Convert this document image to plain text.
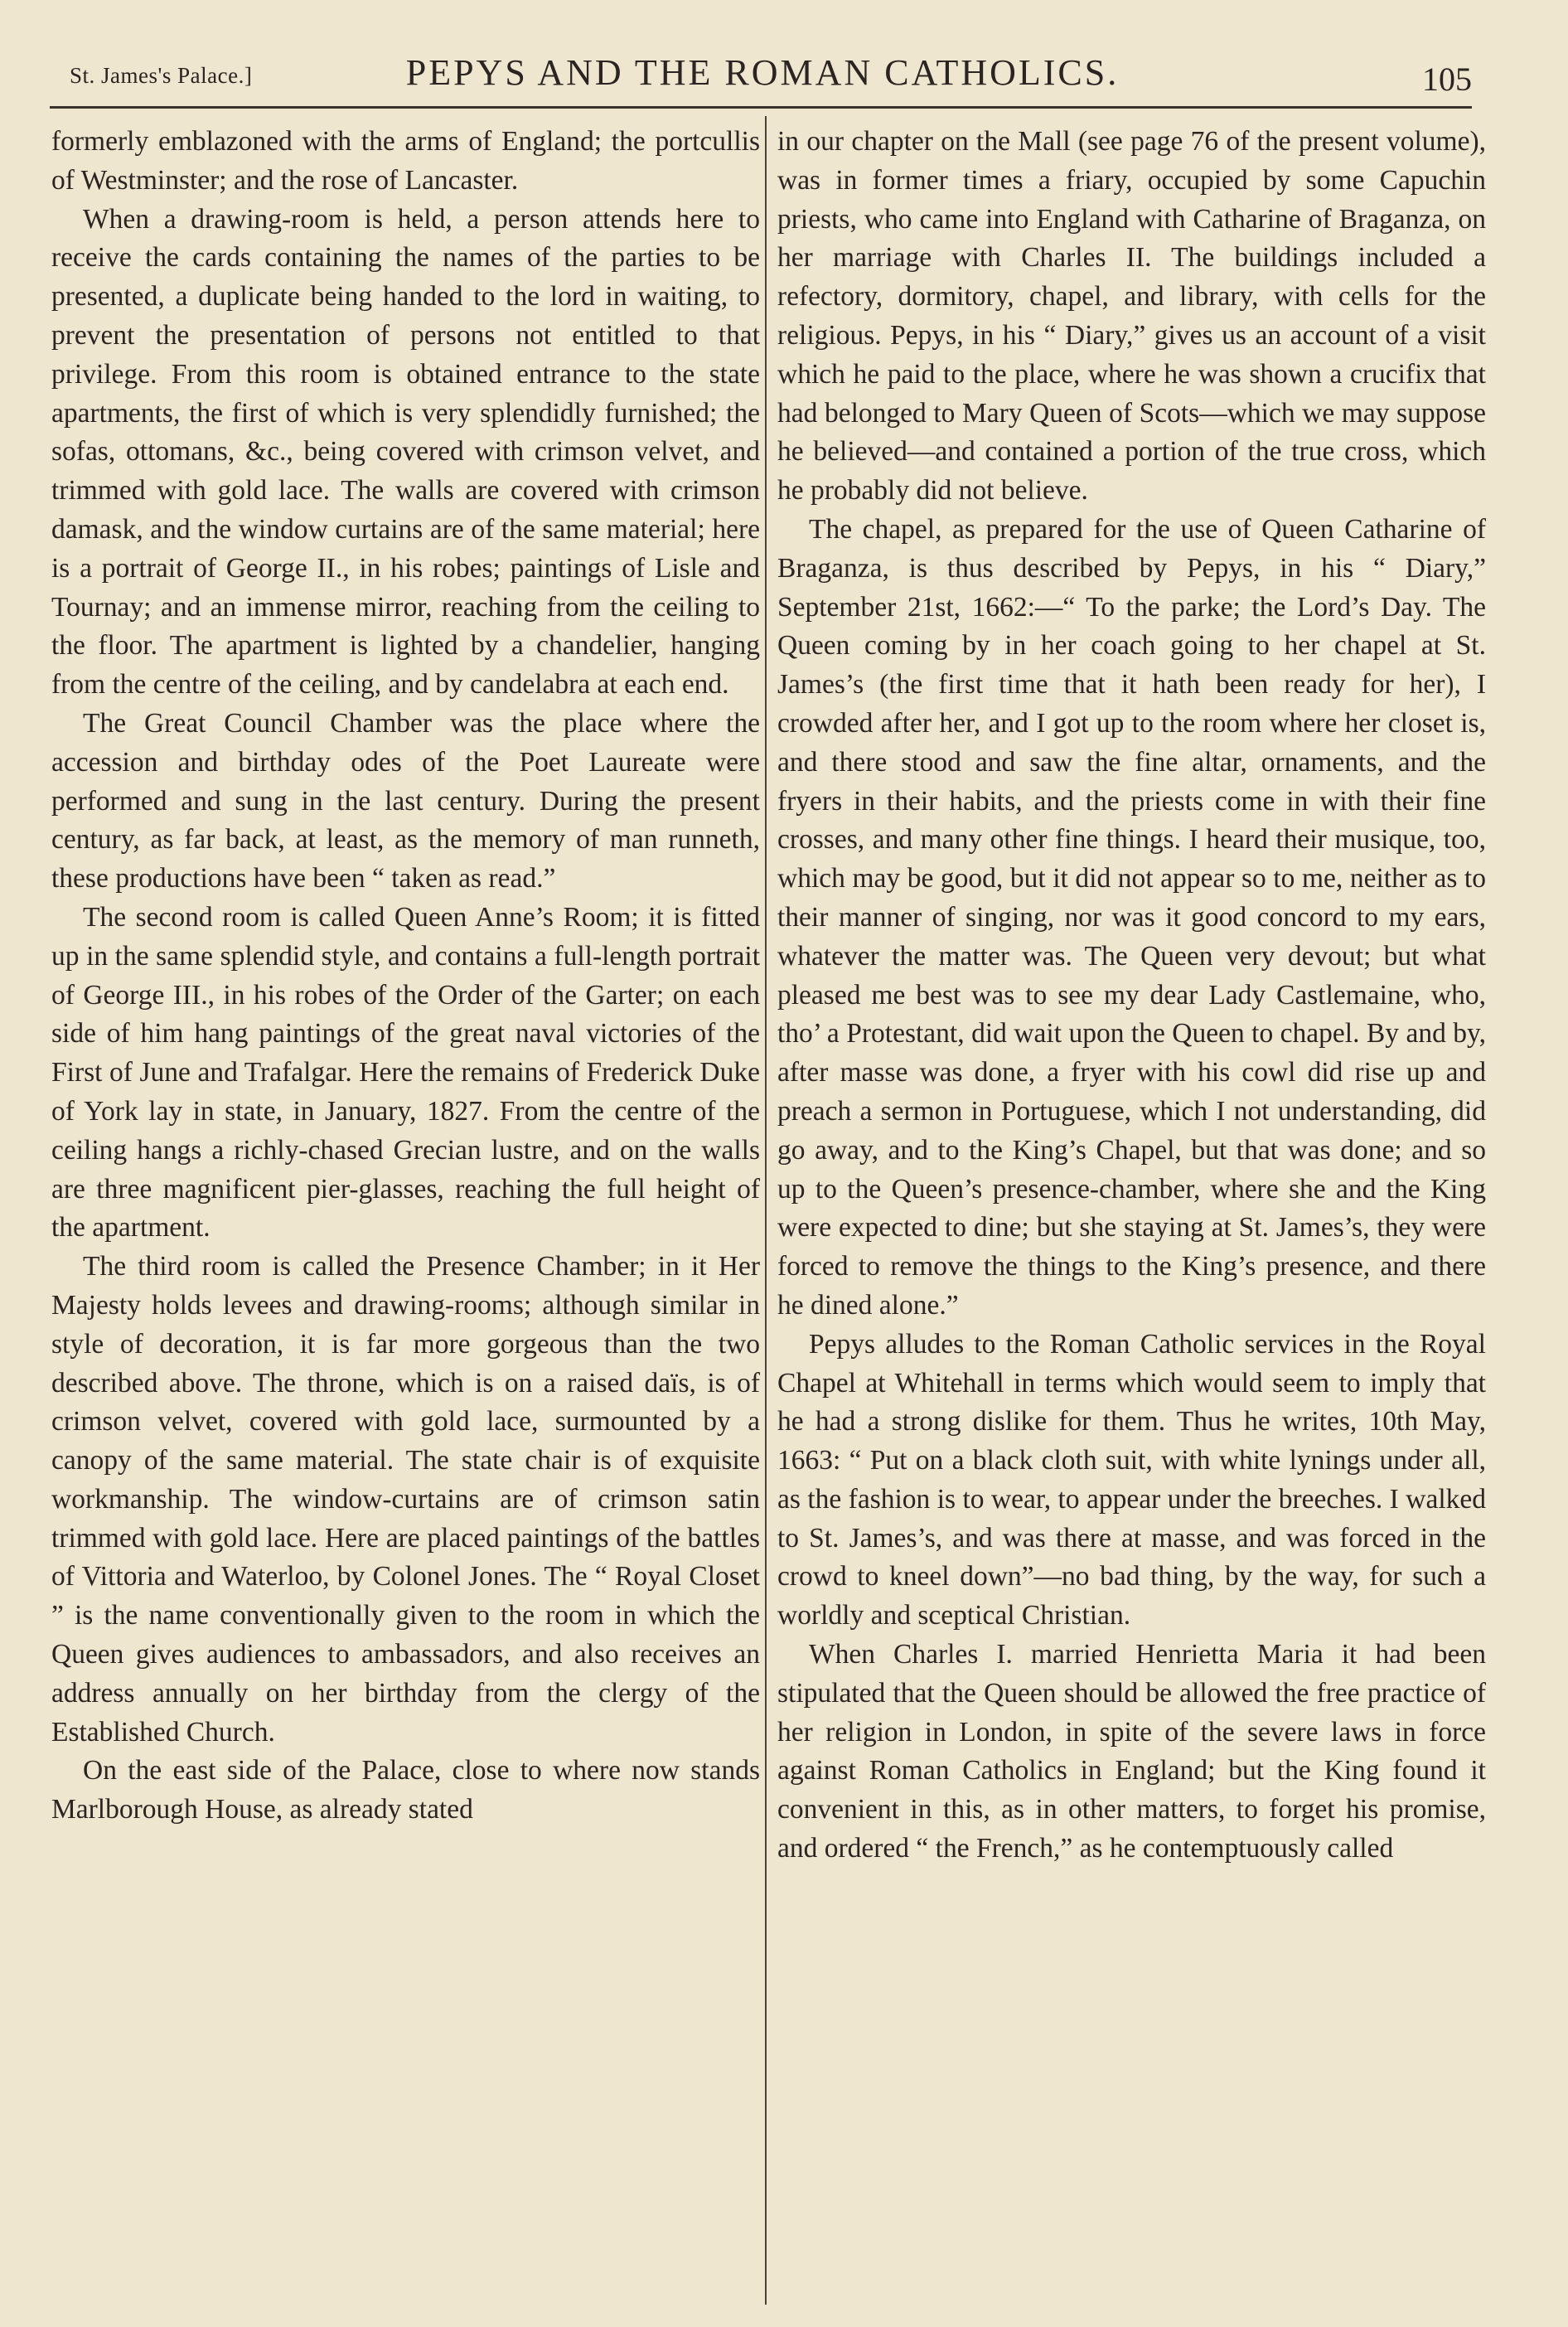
St. James's Palace.]	PEPYS AND THE ROMAN CATHOLICS.	105

formerly emblazoned with the arms of England; the portcullis of Westminster; and the rose of Lancaster.

When a drawing-room is held, a person attends here to receive the cards containing the names of the parties to be presented, a duplicate being handed to the lord in waiting, to prevent the presentation of persons not entitled to that privilege. From this room is obtained entrance to the state apartments, the first of which is very splendidly furnished; the sofas, ottomans, &c., being covered with crimson velvet, and trimmed with gold lace. The walls are covered with crimson damask, and the window curtains are of the same material; here is a portrait of George II., in his robes; paintings of Lisle and Tournay; and an immense mirror, reaching from the ceiling to the floor. The apartment is lighted by a chandelier, hanging from the centre of the ceiling, and by candelabra at each end.

The Great Council Chamber was the place where the accession and birthday odes of the Poet Laureate were performed and sung in the last century. During the present century, as far back, at least, as the memory of man runneth, these productions have been “ taken as read.”

The second room is called Queen Anne’s Room; it is fitted up in the same splendid style, and contains a full-length portrait of George III., in his robes of the Order of the Garter; on each side of him hang paintings of the great naval victories of the First of June and Trafalgar. Here the remains of Frederick Duke of York lay in state, in January, 1827. From the centre of the ceiling hangs a richly-chased Grecian lustre, and on the walls are three magnificent pier-glasses, reaching the full height of the apartment.

The third room is called the Presence Chamber; in it Her Majesty holds levees and drawing-rooms; although similar in style of decoration, it is far more gorgeous than the two described above. The throne, which is on a raised daïs, is of crimson velvet, covered with gold lace, surmounted by a canopy of the same material. The state chair is of exquisite workmanship. The window-curtains are of crimson satin trimmed with gold lace. Here are placed paintings of the battles of Vittoria and Waterloo, by Colonel Jones. The “ Royal Closet ” is the name conventionally given to the room in which the Queen gives audiences to ambassadors, and also receives an address annually on her birthday from the clergy of the Established Church.

On the east side of the Palace, close to where now stands Marlborough House, as already stated

in our chapter on the Mall (see page 76 of the present volume), was in former times a friary, occupied by some Capuchin priests, who came into England with Catharine of Braganza, on her marriage with Charles II. The buildings included a refectory, dormitory, chapel, and library, with cells for the religious. Pepys, in his “ Diary,” gives us an account of a visit which he paid to the place, where he was shown a crucifix that had belonged to Mary Queen of Scots—which we may suppose he believed—and contained a portion of the true cross, which he probably did not believe.

The chapel, as prepared for the use of Queen Catharine of Braganza, is thus described by Pepys, in his “ Diary,” September 21st, 1662:—“ To the parke; the Lord’s Day. The Queen coming by in her coach going to her chapel at St. James’s (the first time that it hath been ready for her), I crowded after her, and I got up to the room where her closet is, and there stood and saw the fine altar, ornaments, and the fryers in their habits, and the priests come in with their fine crosses, and many other fine things. I heard their musique, too, which may be good, but it did not appear so to me, neither as to their manner of singing, nor was it good concord to my ears, whatever the matter was. The Queen very devout; but what pleased me best was to see my dear Lady Castlemaine, who, tho’ a Protestant, did wait upon the Queen to chapel. By and by, after masse was done, a fryer with his cowl did rise up and preach a sermon in Portuguese, which I not understanding, did go away, and to the King’s Chapel, but that was done; and so up to the Queen’s presence-chamber, where she and the King were expected to dine; but she staying at St. James’s, they were forced to remove the things to the King’s presence, and there he dined alone.”

Pepys alludes to the Roman Catholic services in the Royal Chapel at Whitehall in terms which would seem to imply that he had a strong dislike for them. Thus he writes, 10th May, 1663: “ Put on a black cloth suit, with white lynings under all, as the fashion is to wear, to appear under the breeches. I walked to St. James’s, and was there at masse, and was forced in the crowd to kneel down”—no bad thing, by the way, for such a worldly and sceptical Christian.

When Charles I. married Henrietta Maria it had been stipulated that the Queen should be allowed the free practice of her religion in London, in spite of the severe laws in force against Roman Catholics in England; but the King found it convenient in this, as in other matters, to forget his promise, and ordered “ the French,” as he contemptuously called
